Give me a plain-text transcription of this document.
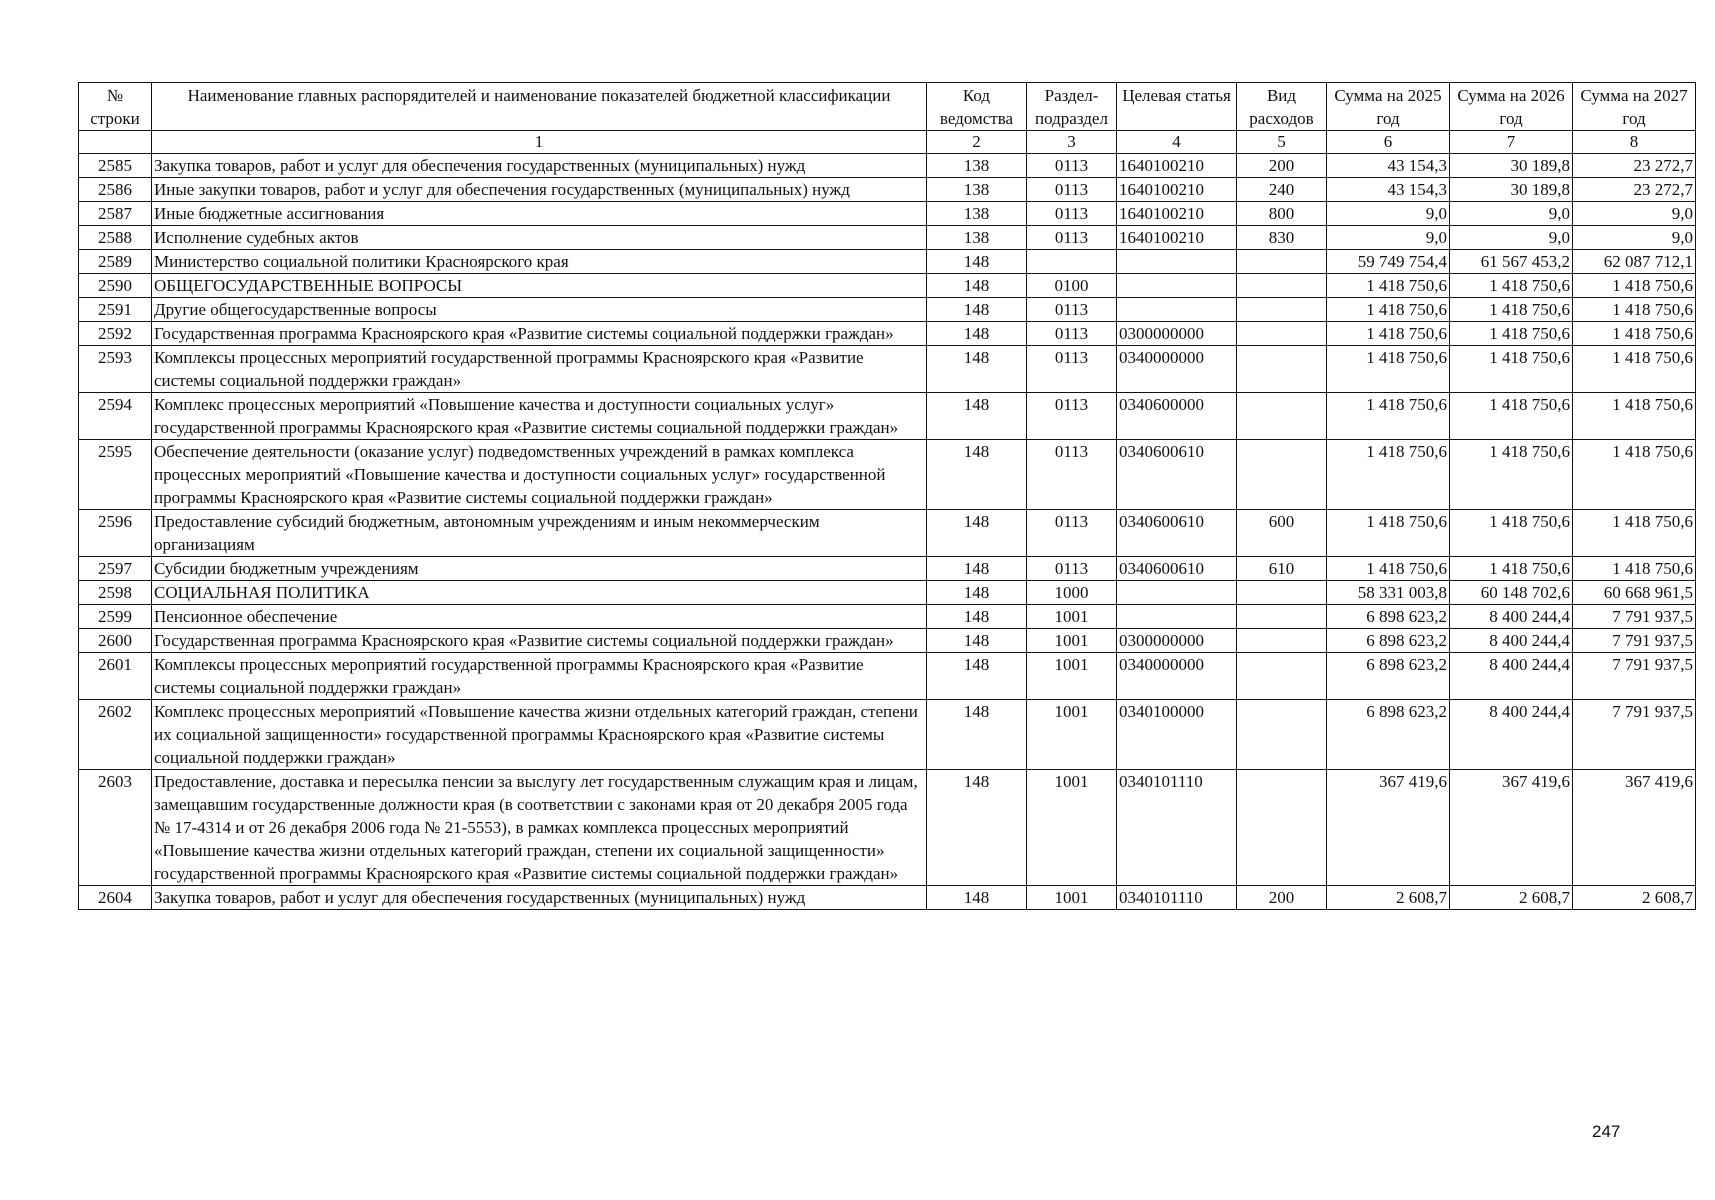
№ строки	Наименование главных распорядителей и наименование показателей бюджетной классификации	Код ведомства	Раздел-подраздел	Целевая статья	Вид расходов	Сумма на 2025 год	Сумма на 2026 год	Сумма на 2027 год
	1	2	3	4	5	6	7	8
2585	Закупка товаров, работ и услуг для обеспечения государственных (муниципальных) нужд	138	0113	1640100210	200	43 154,3	30 189,8	23 272,7
2586	Иные закупки товаров, работ и услуг для обеспечения государственных (муниципальных) нужд	138	0113	1640100210	240	43 154,3	30 189,8	23 272,7
2587	Иные бюджетные ассигнования	138	0113	1640100210	800	9,0	9,0	9,0
2588	Исполнение судебных актов	138	0113	1640100210	830	9,0	9,0	9,0
2589	Министерство социальной политики Красноярского края	148				59 749 754,4	61 567 453,2	62 087 712,1
2590	ОБЩЕГОСУДАРСТВЕННЫЕ ВОПРОСЫ	148	0100			1 418 750,6	1 418 750,6	1 418 750,6
2591	Другие общегосударственные вопросы	148	0113			1 418 750,6	1 418 750,6	1 418 750,6
2592	Государственная программа Красноярского края «Развитие системы социальной поддержки граждан»	148	0113	0300000000		1 418 750,6	1 418 750,6	1 418 750,6
2593	Комплексы процессных мероприятий государственной программы Красноярского края «Развитие системы социальной поддержки граждан»	148	0113	0340000000		1 418 750,6	1 418 750,6	1 418 750,6
2594	Комплекс процессных мероприятий «Повышение качества и доступности социальных услуг» государственной программы Красноярского края «Развитие системы социальной поддержки граждан»	148	0113	0340600000		1 418 750,6	1 418 750,6	1 418 750,6
2595	Обеспечение деятельности (оказание услуг) подведомственных учреждений в рамках комплекса процессных мероприятий «Повышение качества и доступности социальных услуг» государственной программы Красноярского края «Развитие системы социальной поддержки граждан»	148	0113	0340600610		1 418 750,6	1 418 750,6	1 418 750,6
2596	Предоставление субсидий бюджетным, автономным учреждениям и иным некоммерческим организациям	148	0113	0340600610	600	1 418 750,6	1 418 750,6	1 418 750,6
2597	Субсидии бюджетным учреждениям	148	0113	0340600610	610	1 418 750,6	1 418 750,6	1 418 750,6
2598	СОЦИАЛЬНАЯ ПОЛИТИКА	148	1000			58 331 003,8	60 148 702,6	60 668 961,5
2599	Пенсионное обеспечение	148	1001			6 898 623,2	8 400 244,4	7 791 937,5
2600	Государственная программа Красноярского края «Развитие системы социальной поддержки граждан»	148	1001	0300000000		6 898 623,2	8 400 244,4	7 791 937,5
2601	Комплексы процессных мероприятий государственной программы Красноярского края «Развитие системы социальной поддержки граждан»	148	1001	0340000000		6 898 623,2	8 400 244,4	7 791 937,5
2602	Комплекс процессных мероприятий «Повышение качества жизни отдельных категорий граждан, степени их социальной защищенности» государственной программы Красноярского края «Развитие системы социальной поддержки граждан»	148	1001	0340100000		6 898 623,2	8 400 244,4	7 791 937,5
2603	Предоставление, доставка и пересылка пенсии за выслугу лет государственным служащим края и лицам, замещавшим государственные должности края (в соответствии с законами края от 20 декабря 2005 года № 17-4314 и от 26 декабря 2006 года № 21-5553), в рамках комплекса процессных мероприятий «Повышение качества жизни отдельных категорий граждан, степени их социальной защищенности» государственной программы Красноярского края «Развитие системы социальной поддержки граждан»	148	1001	0340101110		367 419,6	367 419,6	367 419,6
2604	Закупка товаров, работ и услуг для обеспечения государственных (муниципальных) нужд	148	1001	0340101110	200	2 608,7	2 608,7	2 608,7
247
